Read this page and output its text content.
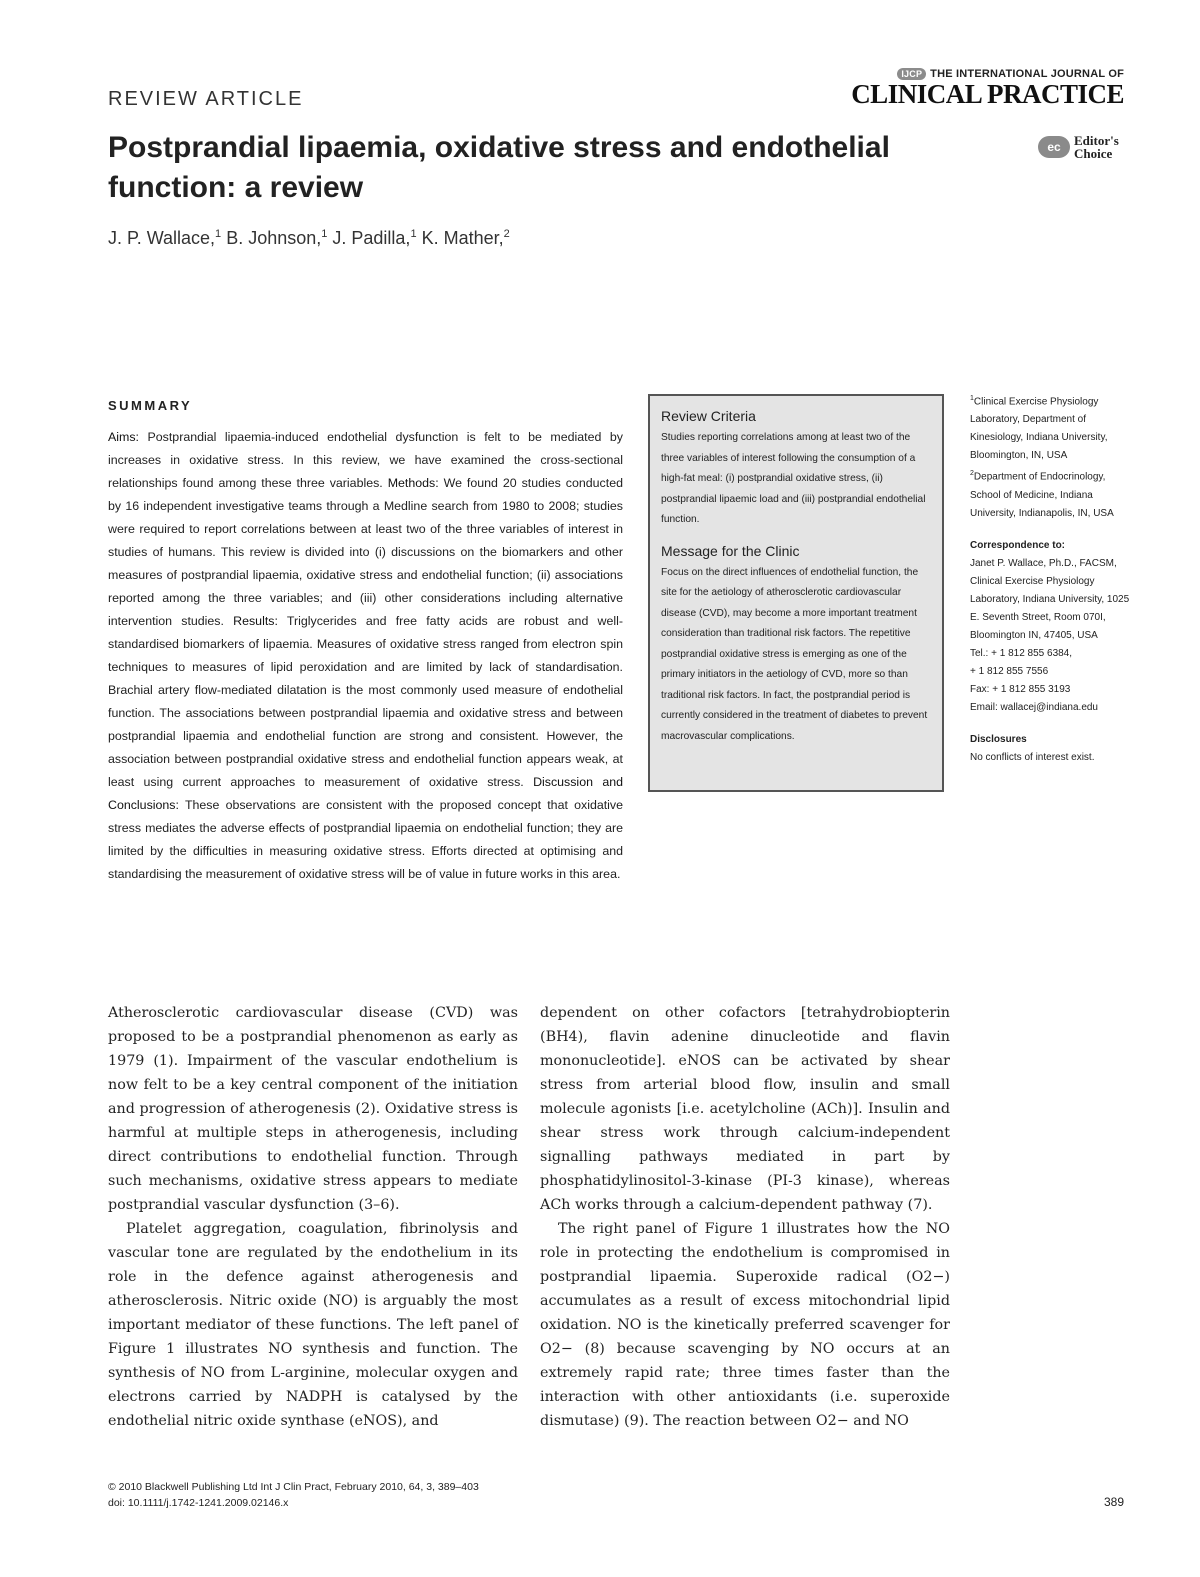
REVIEW ARTICLE
IJCP THE INTERNATIONAL JOURNAL OF
CLINICAL PRACTICE
ec	Editor's
Choice
Postprandial lipaemia, oxidative stress and endothelial function: a review
J. P. Wallace,$^1$ B. Johnson,$^1$ J. Padilla,$^1$ K. Mather,$^2$
SUMMARY

Aims: Postprandial lipaemia-induced endothelial dysfunction is felt to be mediated by increases in oxidative stress. In this review, we have examined the cross-sectional relationships found among these three variables. Methods: We found 20 studies conducted by 16 independent investigative teams through a Medline search from 1980 to 2008; studies were required to report correlations between at least two of the three variables of interest in studies of humans. This review is divided into (i) discussions on the biomarkers and other measures of postprandial lipaemia, oxidative stress and endothelial function; (ii) associations reported among the three variables; and (iii) other considerations including alternative intervention studies. Results: Triglycerides and free fatty acids are robust and well-standardised biomarkers of lipaemia. Measures of oxidative stress ranged from electron spin techniques to measures of lipid peroxidation and are limited by lack of standardisation. Brachial artery flow-mediated dilatation is the most commonly used measure of endothelial function. The associations between postprandial lipaemia and oxidative stress and between postprandial lipaemia and endothelial function are strong and consistent. However, the association between postprandial oxidative stress and endothelial function appears weak, at least using current approaches to measurement of oxidative stress. Discussion and Conclusions: These observations are consistent with the proposed concept that oxidative stress mediates the adverse effects of postprandial lipaemia on endothelial function; they are limited by the difficulties in measuring oxidative stress. Efforts directed at optimising and standardising the measurement of oxidative stress will be of value in future works in this area.

Review Criteria

Studies reporting correlations among at least two of the three variables of interest following the consumption of a high-fat meal: (i) postprandial oxidative stress, (ii) postprandial lipaemic load and (iii) postprandial endothelial function.

Message for the Clinic

Focus on the direct influences of endothelial function, the site for the aetiology of atherosclerotic cardiovascular disease (CVD), may become a more important treatment consideration than traditional risk factors. The repetitive postprandial oxidative stress is emerging as one of the primary initiators in the aetiology of CVD, more so than traditional risk factors. In fact, the postprandial period is currently considered in the treatment of diabetes to prevent macrovascular complications.

$^1$Clinical Exercise Physiology Laboratory, Department of Kinesiology, Indiana University, Bloomington, IN, USA

$^2$Department of Endocrinology, School of Medicine, Indiana University, Indianapolis, IN, USA

Correspondence to:

Janet P. Wallace, Ph.D., FACSM,

Clinical Exercise Physiology Laboratory, Indiana University, 1025 E. Seventh Street, Room 070I, Bloomington IN, 47405, USA

Tel.: + 1 812 855 6384,

+ 1 812 855 7556

Fax: + 1 812 855 3193

Email: wallacej@indiana.edu

Disclosures

No conflicts of interest exist.

Atherosclerotic cardiovascular disease (CVD) was proposed to be a postprandial phenomenon as early as 1979 (1). Impairment of the vascular endothelium is now felt to be a key central component of the initiation and progression of atherogenesis (2). Oxidative stress is harmful at multiple steps in atherogenesis, including direct contributions to endothelial function. Through such mechanisms, oxidative stress appears to mediate postprandial vascular dysfunction (3–6).

Platelet aggregation, coagulation, fibrinolysis and vascular tone are regulated by the endothelium in its role in the defence against atherogenesis and atherosclerosis. Nitric oxide (NO) is arguably the most important mediator of these functions. The left panel of Figure 1 illustrates NO synthesis and function. The synthesis of NO from L-arginine, molecular oxygen and electrons carried by NADPH is catalysed by the endothelial nitric oxide synthase (eNOS), and

dependent on other cofactors [tetrahydrobiopterin (BH4), flavin adenine dinucleotide and flavin mononucleotide]. eNOS can be activated by shear stress from arterial blood flow, insulin and small molecule agonists [i.e. acetylcholine (ACh)]. Insulin and shear stress work through calcium-independent signalling pathways mediated in part by phosphatidylinositol-3-kinase (PI-3 kinase), whereas ACh works through a calcium-dependent pathway (7).

The right panel of Figure 1 illustrates how the NO role in protecting the endothelium is compromised in postprandial lipaemia. Superoxide radical (O2−) accumulates as a result of excess mitochondrial lipid oxidation. NO is the kinetically preferred scavenger for O2− (8) because scavenging by NO occurs at an extremely rapid rate; three times faster than the interaction with other antioxidants (i.e. superoxide dismutase) (9). The reaction between O2− and NO

© 2010 Blackwell Publishing Ltd Int J Clin Pract, February 2010, 64, 3, 389–403
doi: 10.1111/j.1742-1241.2009.02146.x	389
